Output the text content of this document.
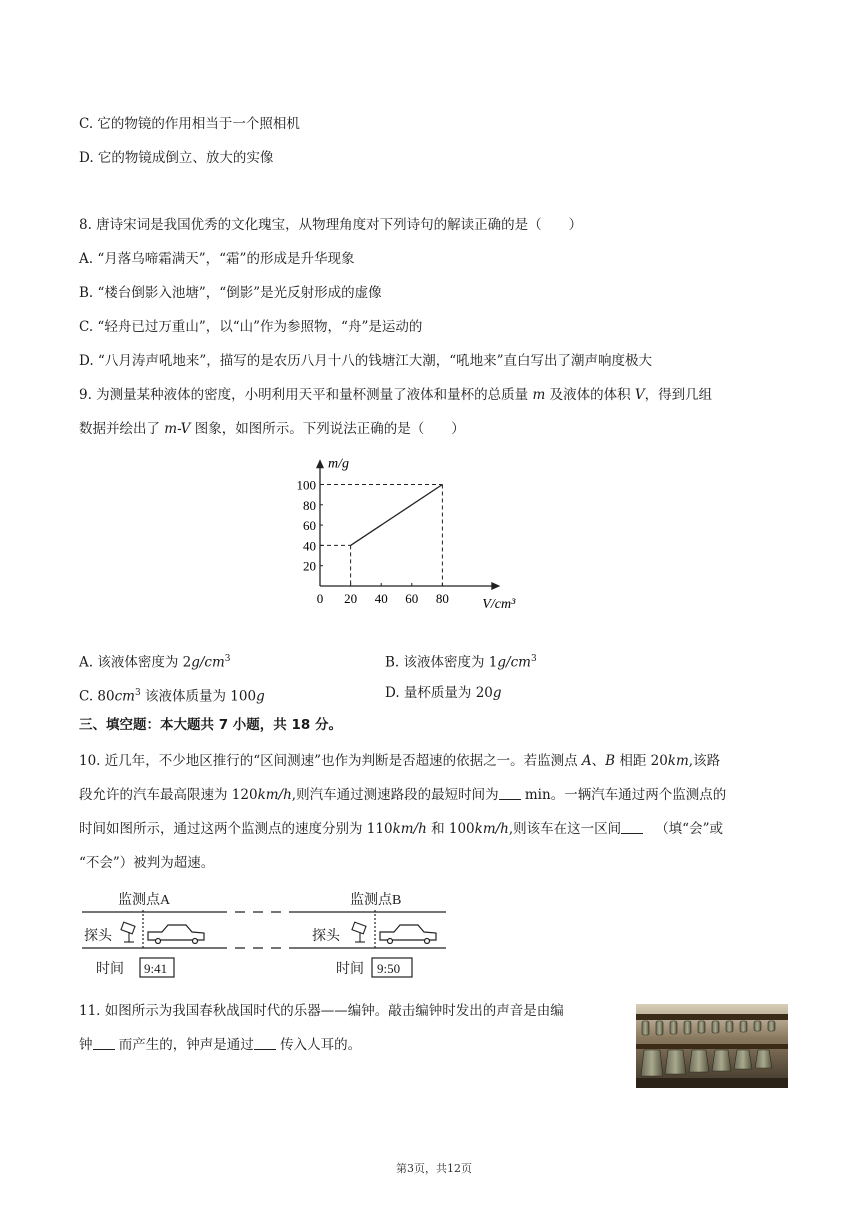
C. 它的物镜的作用相当于一个照相机
D. 它的物镜成倒立、放大的实像
8. 唐诗宋词是我国优秀的文化瑰宝，从物理角度对下列诗句的解读正确的是（　　）
A. “月落乌啼霜满天”，“霜”的形成是升华现象
B. “楼台倒影入池塘”，“倒影”是光反射形成的虚像
C. “轻舟已过万重山”，以“山”作为参照物，“舟”是运动的
D. “八月涛声吼地来”，描写的是农历八月十八的钱塘江大潮，“吼地来”直白写出了潮声响度极大
9. 为测量某种液体的密度，小明利用天平和量杯测量了液体和量杯的总质量 m 及液体的体积 V，得到几组
数据并绘出了 m-V 图象，如图所示。下列说法正确的是（　　）
m/g
V/cm³
0 20 40 60 80
20
40
60
80
100
A. 该液体密度为 $2g/cm^3$	B. 该液体密度为 $1g/cm^3$
C. $80cm^3$ 该液体质量为 100g	D. 量杯质量为 20g
三、填空题：本大题共 7 小题，共 18 分。
10. 近几年，不少地区推行的“区间测速”也作为判断是否超速的依据之一。若监测点 A、B 相距 20km,该路
段允许的汽车最高限速为 120km/h,则汽车通过测速路段的最短时间为 min。一辆汽车通过两个监测点的
时间如图所示，通过这两个监测点的速度分别为 110km/h 和 100km/h,则该车在这一区间	（填“会”或
“不会”）被判为超速。
监测点A	监测点B
探头	探头
时间	时间
9:41	9:50
11. 如图所示为我国春秋战国时代的乐器——编钟。敲击编钟时发出的声音是由编
钟 而产生的，钟声是通过 传入人耳的。
第3页，共12页
